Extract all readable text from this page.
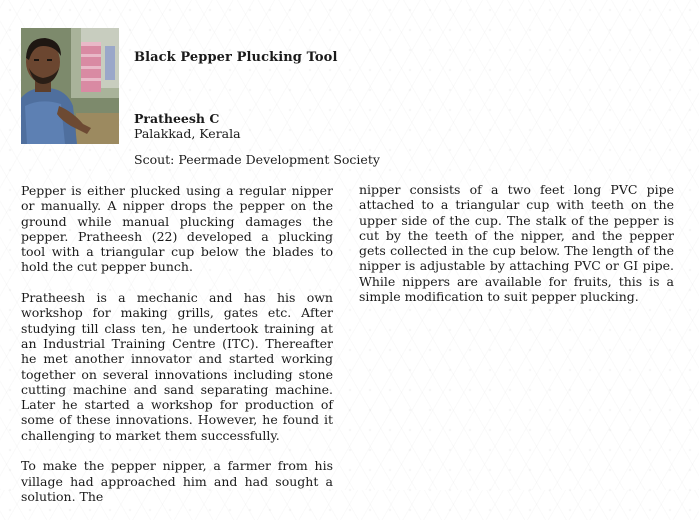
Black Pepper Plucking Tool
Pratheesh C
Palakkad, Kerala
Scout: Peermade Development Society

Pepper is either plucked using a regular nipper or manually. A nipper drops the pepper on the ground while manual plucking damages the pepper. Pratheesh (22) developed a plucking tool with a triangular cup below the blades to hold the cut pepper bunch.

Pratheesh is a mechanic and has his own workshop for making grills, gates etc. After studying till class ten, he undertook training at an Industrial Training Centre (ITC). Thereafter he met another innovator and started working together on several innovations including stone cutting machine and sand separating machine. Later he started a workshop for production of some of these innovations. However, he found it challenging to market them successfully.

To make the pepper nipper, a farmer from his village had approached him and had sought a solution. The

nipper consists of a two feet long PVC pipe attached to a triangular cup with teeth on the upper side of the cup. The stalk of the pepper is cut by the teeth of the nipper, and the pepper gets collected in the cup below. The length of the nipper is adjustable by attaching PVC or GI pipe. While nippers are available for fruits, this is a simple modification to suit pepper plucking.
